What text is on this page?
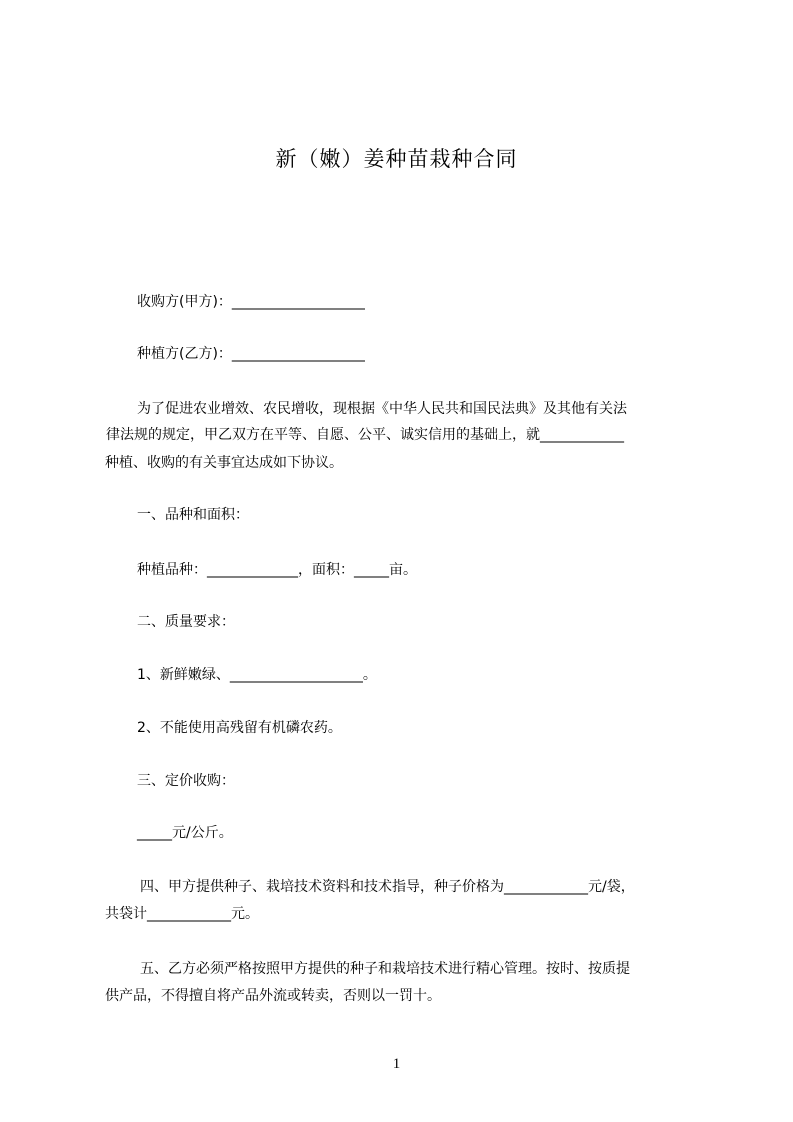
新（嫩）姜种苗栽种合同
收购方(甲方)：___________________
种植方(乙方)：___________________
为了促进农业增效、农民增收，现根据《中华人民共和国民法典》及其他有关法
律法规的规定，甲乙双方在平等、自愿、公平、诚实信用的基础上，就____________
种植、收购的有关事宜达成如下协议。
一、品种和面积：
种植品种：_____________，面积：_____亩。
二、质量要求：
1、新鲜嫩绿、___________________。
2、不能使用高残留有机磷农药。
三、定价收购：
_____元/公斤。
四、甲方提供种子、栽培技术资料和技术指导，种子价格为____________元/袋，
共袋计____________元。
五、乙方必须严格按照甲方提供的种子和栽培技术进行精心管理。按时、按质提
供产品，不得擅自将产品外流或转卖，否则以一罚十。
1
